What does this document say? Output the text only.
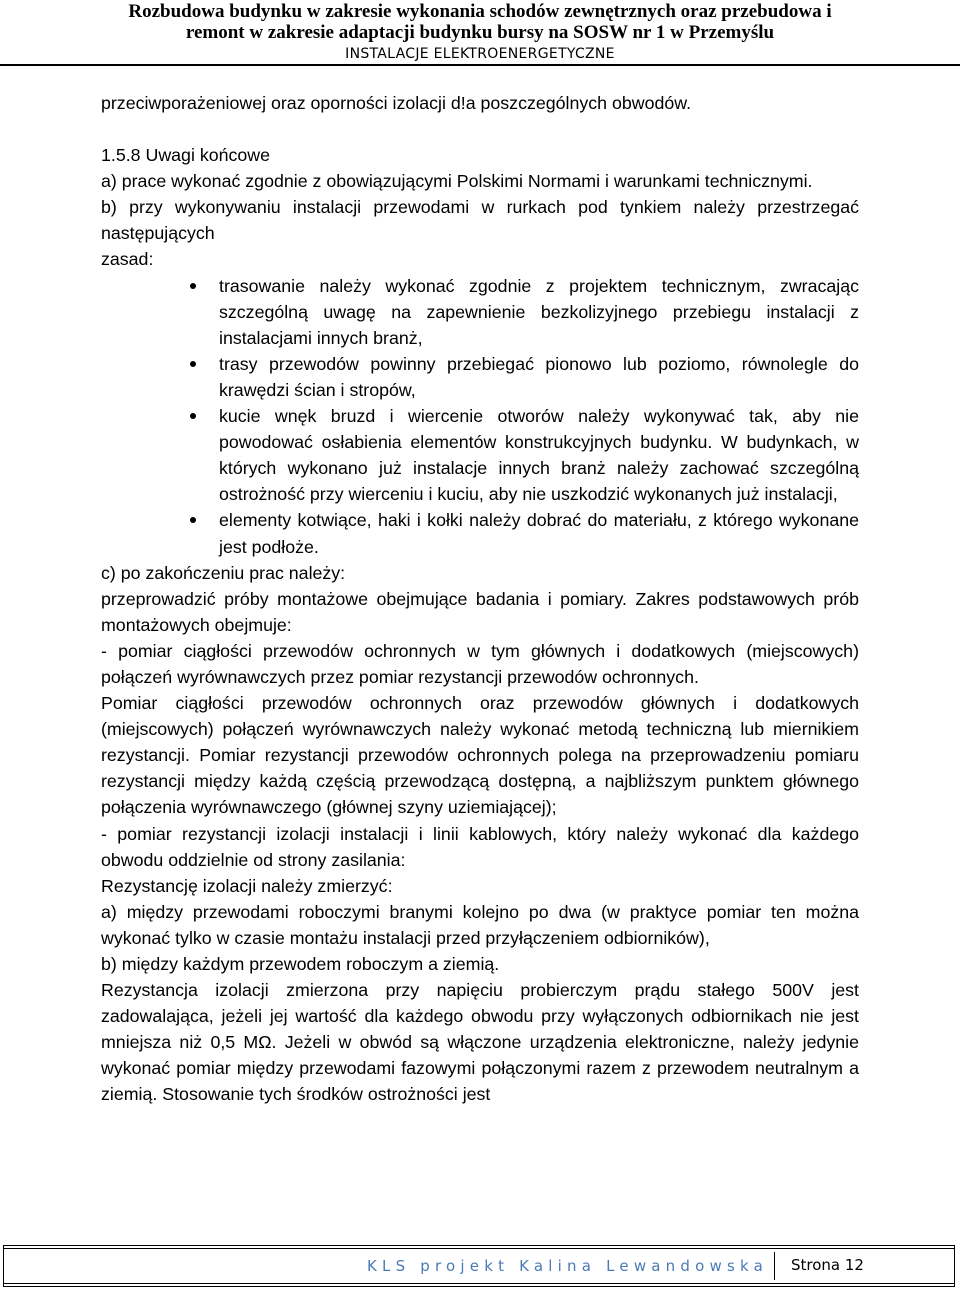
Rozbudowa budynku w zakresie wykonania schodów zewnętrznych oraz przebudowa i
remont w zakresie adaptacji budynku bursy na SOSW nr 1 w Przemyślu
INSTALACJE ELEKTROENERGETYCZNE

przeciwporażeniowej oraz oporności izolacji d!a poszczególnych obwodów.

1.5.8 Uwagi końcowe

a) prace wykonać zgodnie z obowiązującymi Polskimi Normami i warunkami technicznymi.

b) przy wykonywaniu instalacji przewodami w rurkach pod tynkiem należy przestrzegać następujących

zasad:

trasowanie należy wykonać zgodnie z projektem technicznym, zwracając szczególną uwagę na zapewnienie bezkolizyjnego przebiegu instalacji z instalacjami innych branż,
trasy przewodów powinny przebiegać pionowo lub poziomo, równolegle do krawędzi ścian i stropów,
kucie wnęk bruzd i wiercenie otworów należy wykonywać tak, aby nie powodować osłabienia elementów konstrukcyjnych budynku. W budynkach, w których wykonano już instalacje innych branż należy zachować szczególną ostrożność przy wierceniu i kuciu, aby nie uszkodzić wykonanych już instalacji,
elementy kotwiące, haki i kołki należy dobrać do materiału, z którego wykonane jest podłoże.

c) po zakończeniu prac należy:

przeprowadzić próby montażowe obejmujące badania i pomiary. Zakres podstawowych prób montażowych obejmuje:

- pomiar ciągłości przewodów ochronnych w tym głównych i dodatkowych (miejscowych) połączeń wyrównawczych przez pomiar rezystancji przewodów ochronnych.

Pomiar ciągłości przewodów ochronnych oraz przewodów głównych i dodatkowych (miejscowych) połączeń wyrównawczych należy wykonać metodą techniczną lub miernikiem rezystancji. Pomiar rezystancji przewodów ochronnych polega na przeprowadzeniu pomiaru rezystancji między każdą częścią przewodzącą dostępną, a najbliższym punktem głównego połączenia wyrównawczego (głównej szyny uziemiającej);

- pomiar rezystancji izolacji instalacji i linii kablowych, który należy wykonać dla każdego obwodu oddzielnie od strony zasilania:

Rezystancję izolacji należy zmierzyć:

a) między przewodami roboczymi branymi kolejno po dwa (w praktyce pomiar ten można wykonać tylko w czasie montażu instalacji przed przyłączeniem odbiorników),

b) między każdym przewodem roboczym a ziemią.

Rezystancja izolacji zmierzona przy napięciu probierczym prądu stałego 500V jest zadowalająca, jeżeli jej wartość dla każdego obwodu przy wyłączonych odbiornikach nie jest mniejsza niż 0,5 MΩ. Jeżeli w obwód są włączone urządzenia elektroniczne, należy jedynie wykonać pomiar między przewodami fazowymi połączonymi razem z przewodem neutralnym a ziemią. Stosowanie tych środków ostrożności jest

KLS projekt Kalina Lewandowska Strona 12
